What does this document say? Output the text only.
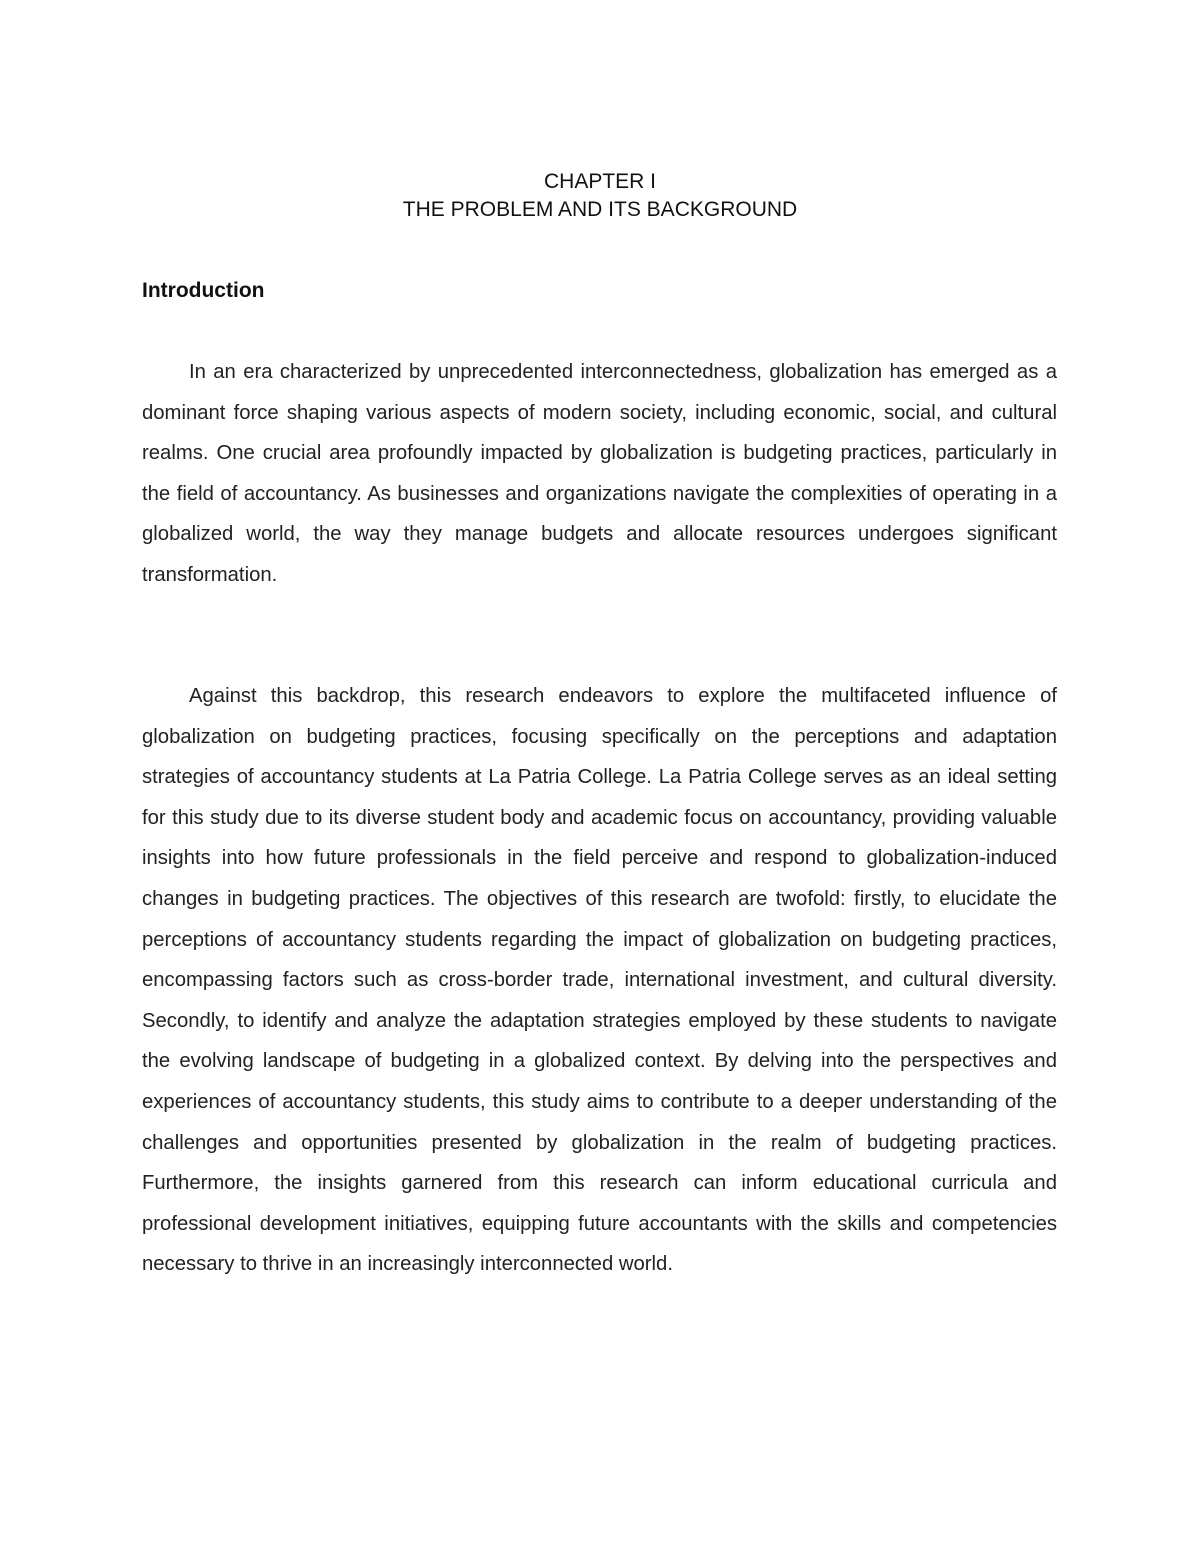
CHAPTER I
THE PROBLEM AND ITS BACKGROUND
Introduction

In an era characterized by unprecedented interconnectedness, globalization has emerged as a dominant force shaping various aspects of modern society, including economic, social, and cultural realms. One crucial area profoundly impacted by globalization is budgeting practices, particularly in the field of accountancy. As businesses and organizations navigate the complexities of operating in a globalized world, the way they manage budgets and allocate resources undergoes significant transformation.

Against this backdrop, this research endeavors to explore the multifaceted influence of globalization on budgeting practices, focusing specifically on the perceptions and adaptation strategies of accountancy students at La Patria College. La Patria College serves as an ideal setting for this study due to its diverse student body and academic focus on accountancy, providing valuable insights into how future professionals in the field perceive and respond to globalization-induced changes in budgeting practices. The objectives of this research are twofold: firstly, to elucidate the perceptions of accountancy students regarding the impact of globalization on budgeting practices, encompassing factors such as cross-border trade, international investment, and cultural diversity. Secondly, to identify and analyze the adaptation strategies employed by these students to navigate the evolving landscape of budgeting in a globalized context. By delving into the perspectives and experiences of accountancy students, this study aims to contribute to a deeper understanding of the challenges and opportunities presented by globalization in the realm of budgeting practices. Furthermore, the insights garnered from this research can inform educational curricula and professional development initiatives, equipping future accountants with the skills and competencies necessary to thrive in an increasingly interconnected world.
